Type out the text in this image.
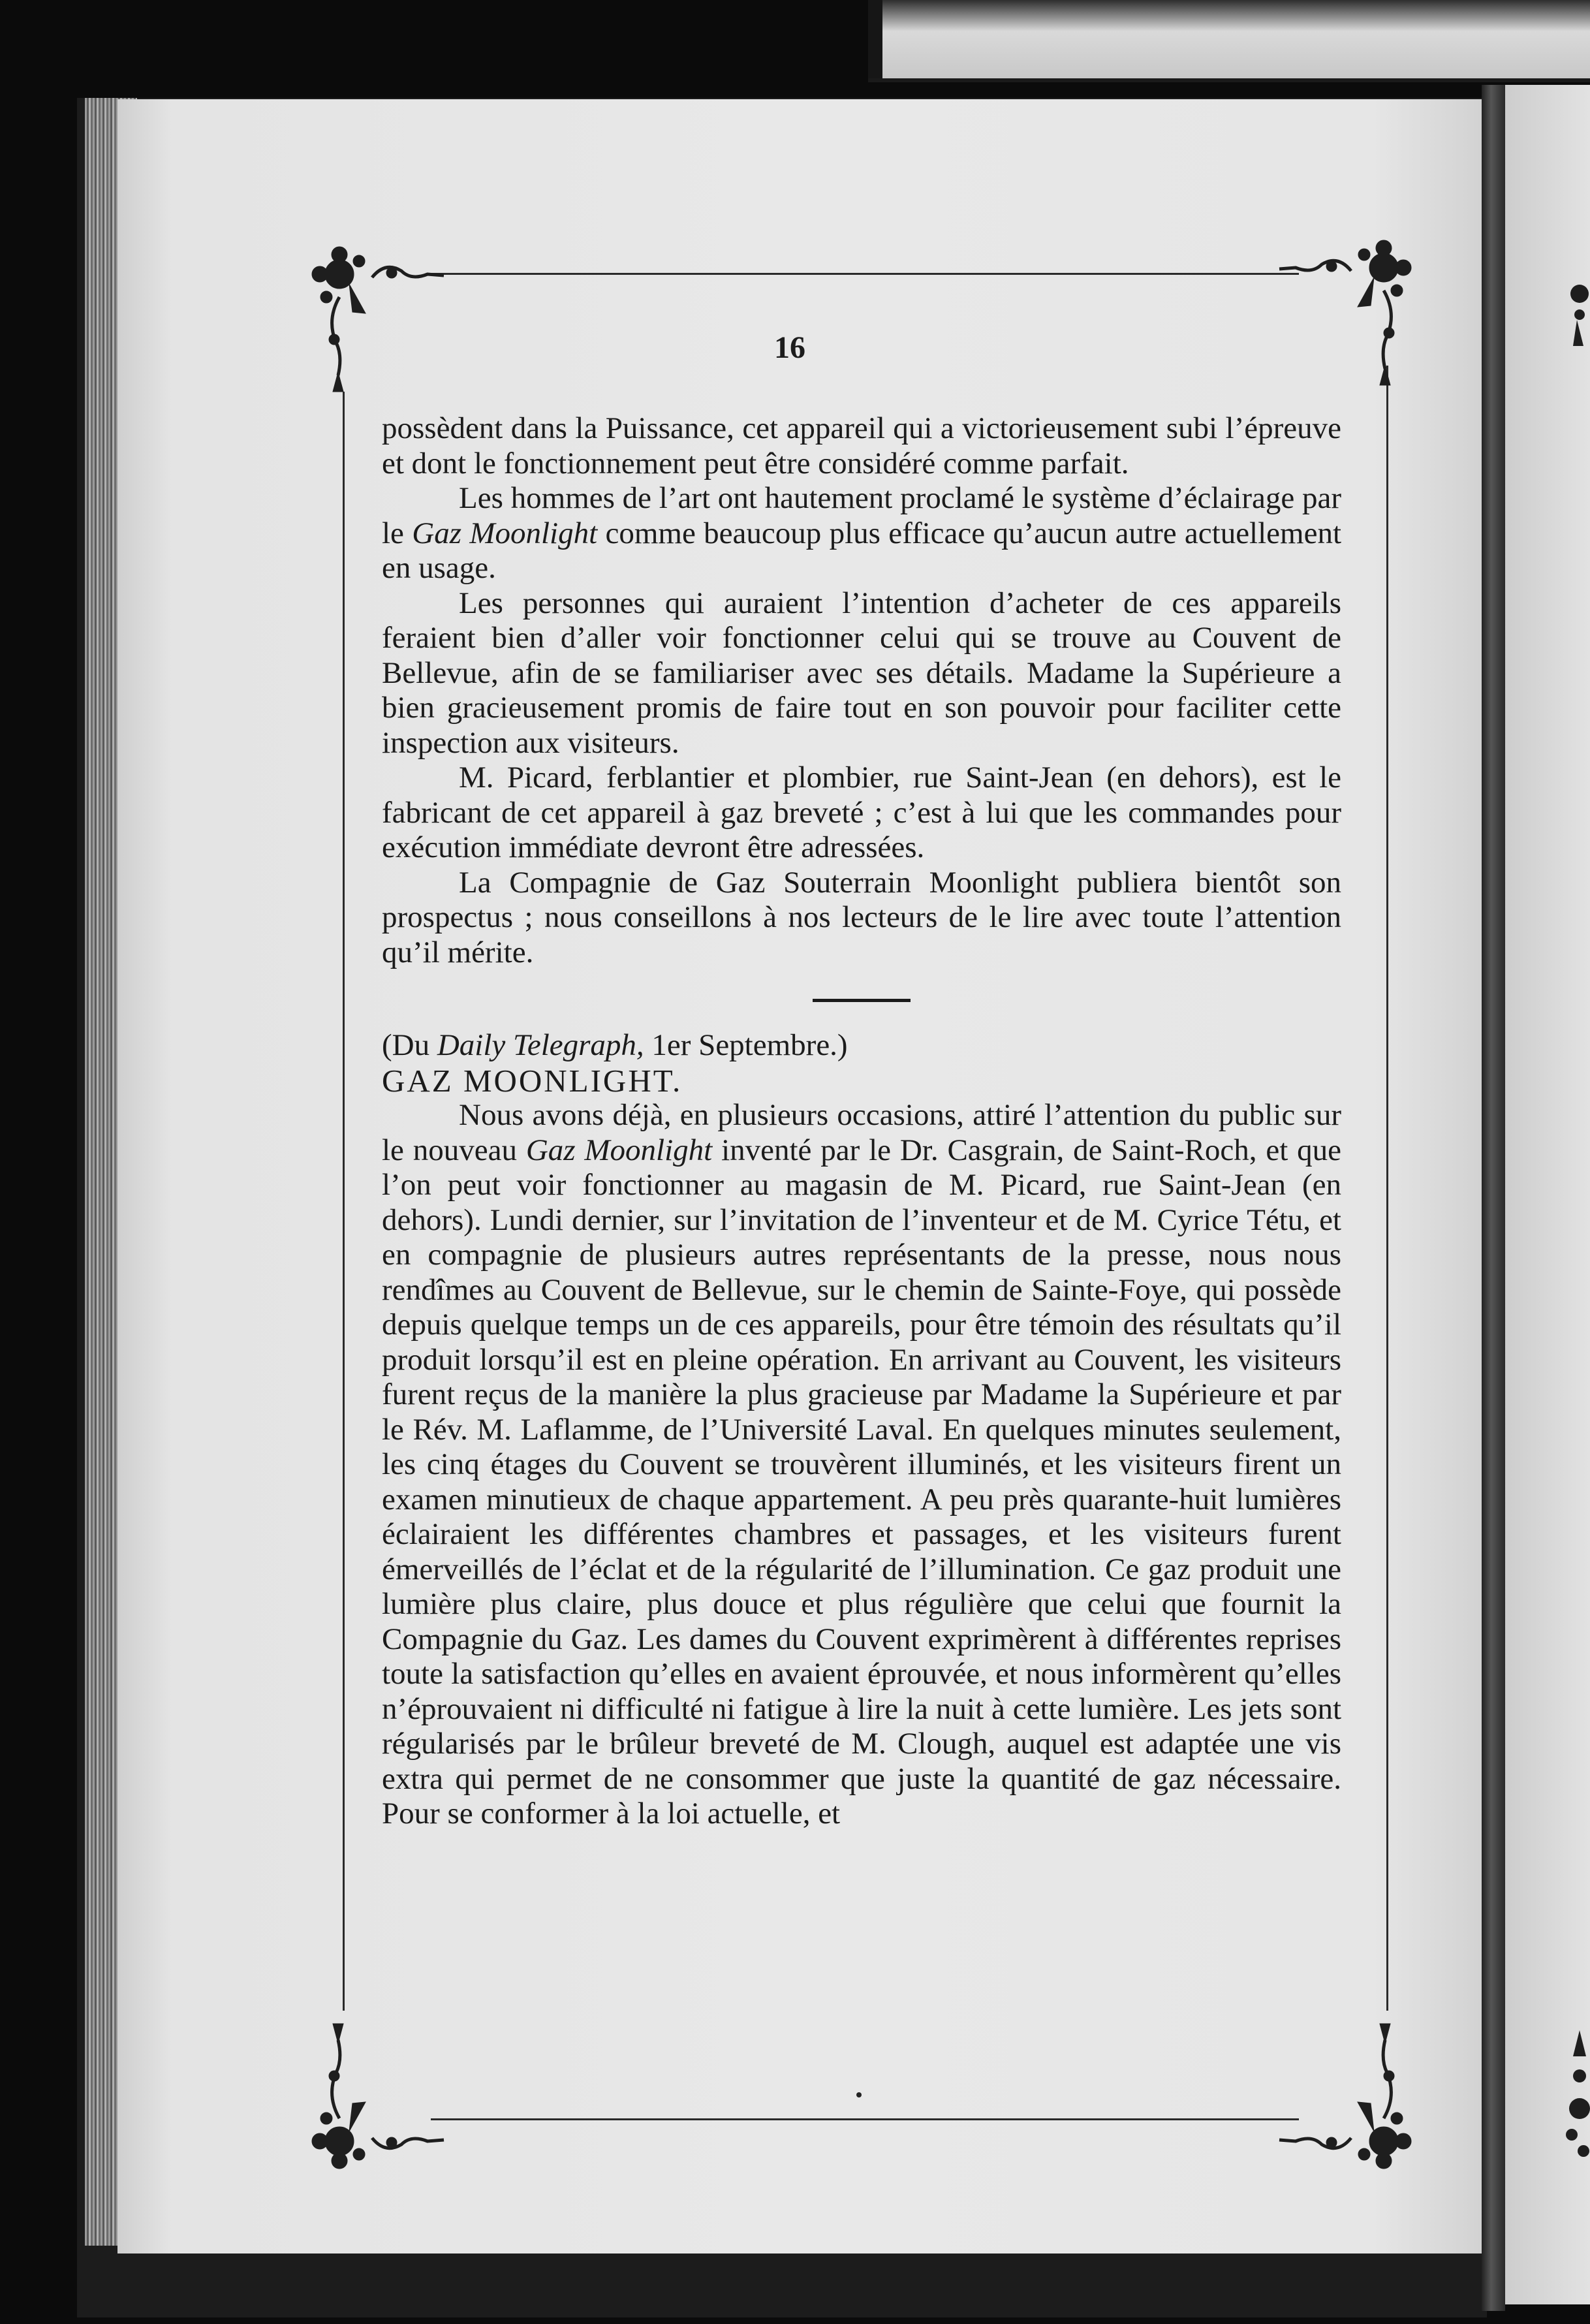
16

possèdent dans la Puissance, cet appareil qui a victorieusement subi l’épreuve et dont le fonctionnement peut être considéré comme parfait.

Les hommes de l’art ont hautement proclamé le système d’éclairage par le Gaz Moonlight comme beaucoup plus efficace qu’aucun autre actuellement en usage.

Les personnes qui auraient l’intention d’acheter de ces appareils feraient bien d’aller voir fonctionner celui qui se trouve au Couvent de Bellevue, afin de se familiariser avec ses détails. Madame la Supérieure a bien gracieusement promis de faire tout en son pouvoir pour faciliter cette inspection aux visiteurs.

M. Picard, ferblantier et plombier, rue Saint-Jean (en dehors), est le fabricant de cet appareil à gaz breveté ; c’est à lui que les commandes pour exécution immédiate devront être adressées.

La Compagnie de Gaz Souterrain Moonlight publiera bientôt son prospectus ; nous conseillons à nos lecteurs de le lire avec toute l’attention qu’il mérite.

(Du Daily Telegraph, 1er Septembre.)

GAZ MOONLIGHT.

Nous avons déjà, en plusieurs occasions, attiré l’attention du public sur le nouveau Gaz Moonlight inventé par le Dr. Casgrain, de Saint-Roch, et que l’on peut voir fonctionner au magasin de M. Picard, rue Saint-Jean (en dehors). Lundi dernier, sur l’invitation de l’inventeur et de M. Cyrice Tétu, et en compagnie de plusieurs autres représentants de la presse, nous nous rendîmes au Couvent de Bellevue, sur le chemin de Sainte-Foye, qui possède depuis quelque temps un de ces appareils, pour être témoin des résultats qu’il produit lorsqu’il est en pleine opération. En arrivant au Couvent, les visiteurs furent reçus de la manière la plus gracieuse par Madame la Supérieure et par le Rév. M. Laflamme, de l’Université Laval. En quelques minutes seulement, les cinq étages du Couvent se trouvèrent illuminés, et les visiteurs firent un examen minutieux de chaque appartement. A peu près quarante-huit lumières éclairaient les différentes chambres et passages, et les visiteurs furent émerveillés de l’éclat et de la régularité de l’illumination. Ce gaz produit une lumière plus claire, plus douce et plus régulière que celui que fournit la Compagnie du Gaz. Les dames du Couvent exprimèrent à différentes reprises toute la satisfaction qu’elles en avaient éprouvée, et nous informèrent qu’elles n’éprouvaient ni difficulté ni fatigue à lire la nuit à cette lumière. Les jets sont régularisés par le brûleur breveté de M. Clough, auquel est adaptée une vis extra qui permet de ne consommer que juste la quantité de gaz nécessaire. Pour se conformer à la loi actuelle, et
